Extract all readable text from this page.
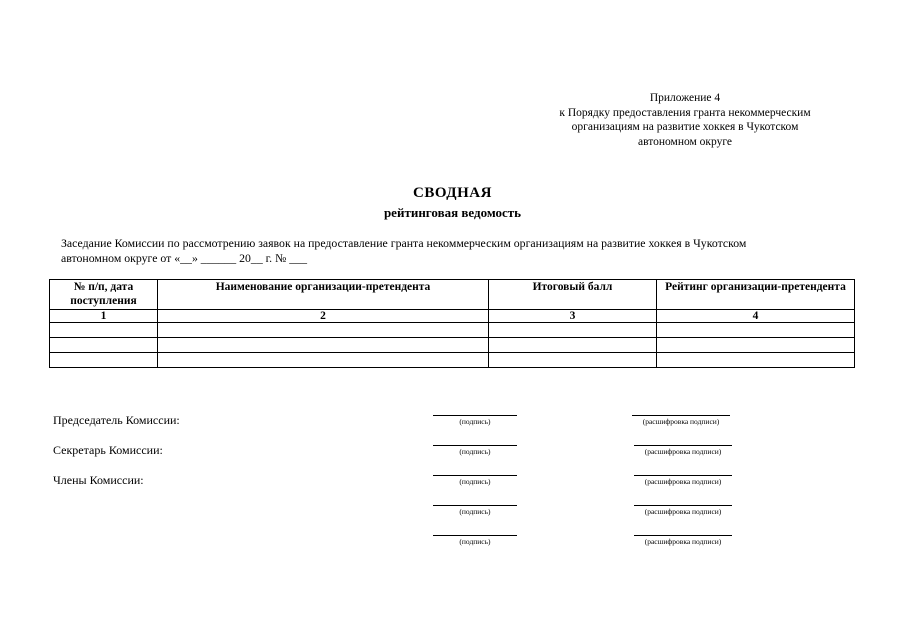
Приложение 4
к Порядку предоставления гранта некоммерческим
организациям на развитие хоккея в Чукотском
автономном округе
СВОДНАЯ
рейтинговая ведомость
Заседание Комиссии по рассмотрению заявок на предоставление гранта некоммерческим организациям на развитие хоккея в Чукотском
автономном округе от «__» ______ 20__ г. № ___
№ п/п, дата поступления	Наименование организации-претендента	Итоговый балл	Рейтинг организации-претендента
1	2	3	4

Председатель Комиссии:
Секретарь Комиссии:
Члены Комиссии:
(подпись)	(расшифровка подписи)
(подпись)	(расшифровка подписи)
(подпись)	(расшифровка подписи)
(подпись)	(расшифровка подписи)
(подпись)	(расшифровка подписи)
